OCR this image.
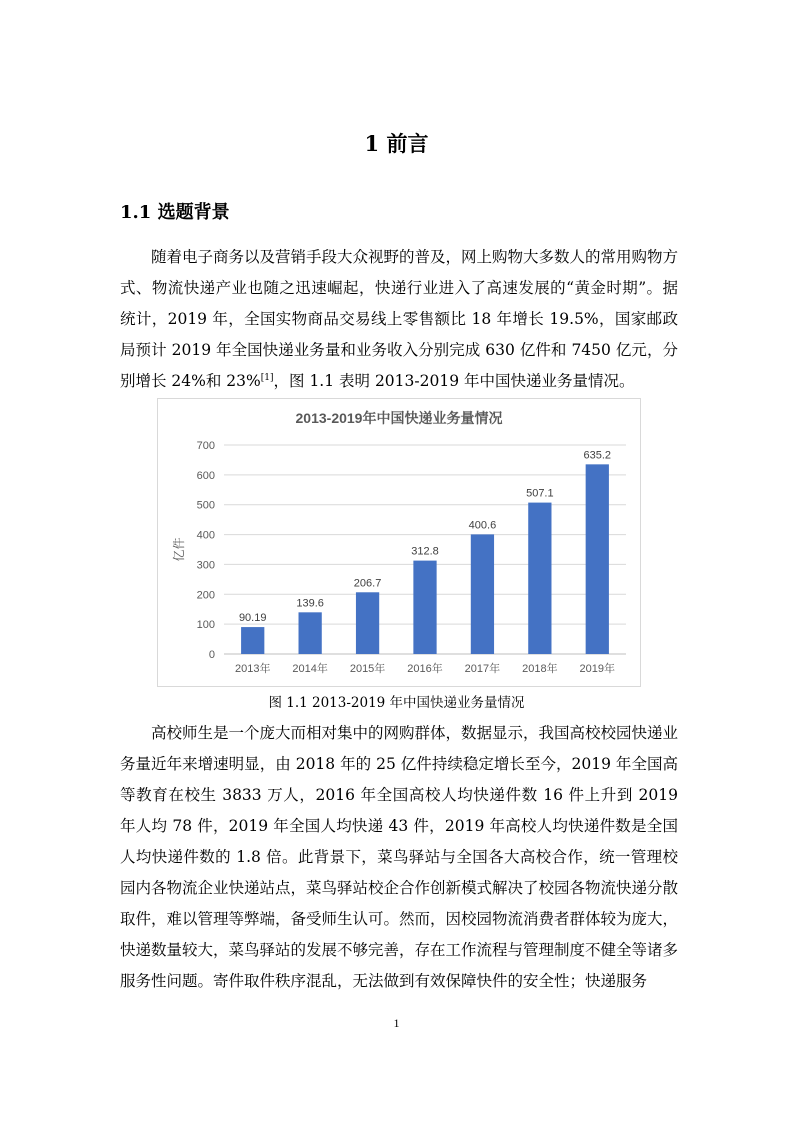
1 前言
1.1 选题背景

随着电子商务以及营销手段大众视野的普及，网上购物大多数人的常用购物方式、物流快递产业也随之迅速崛起，快递行业进入了高速发展的“黄金时期”。据统计，2019 年，全国实物商品交易线上零售额比 18 年增长 19.5%，国家邮政局预计 2019 年全国快递业务量和业务收入分别完成 630 亿件和 7450 亿元，分别增长 24%和 23%[1]，图 1.1 表明 2013-2019 年中国快递业务量情况。

2013-2019年中国快递业务量情况
0
100
200
300
400
500
600
700
亿件
90.19
2013年
139.6
2014年
206.7
2015年
312.8
2016年
400.6
2017年
507.1
2018年
635.2
2019年
图 1.1 2013-2019 年中国快递业务量情况

高校师生是一个庞大而相对集中的网购群体，数据显示，我国高校校园快递业务量近年来增速明显，由 2018 年的 25 亿件持续稳定增长至今，2019 年全国高等教育在校生 3833 万人，2016 年全国高校人均快递件数 16 件上升到 2019 年人均 78 件，2019 年全国人均快递 43 件，2019 年高校人均快递件数是全国人均快递件数的 1.8 倍。此背景下，菜鸟驿站与全国各大高校合作，统一管理校园内各物流企业快递站点，菜鸟驿站校企合作创新模式解决了校园各物流快递分散取件，难以管理等弊端，备受师生认可。然而，因校园物流消费者群体较为庞大，快递数量较大，菜鸟驿站的发展不够完善，存在工作流程与管理制度不健全等诸多服务性问题。寄件取件秩序混乱，无法做到有效保障快件的安全性；快递服务

1
